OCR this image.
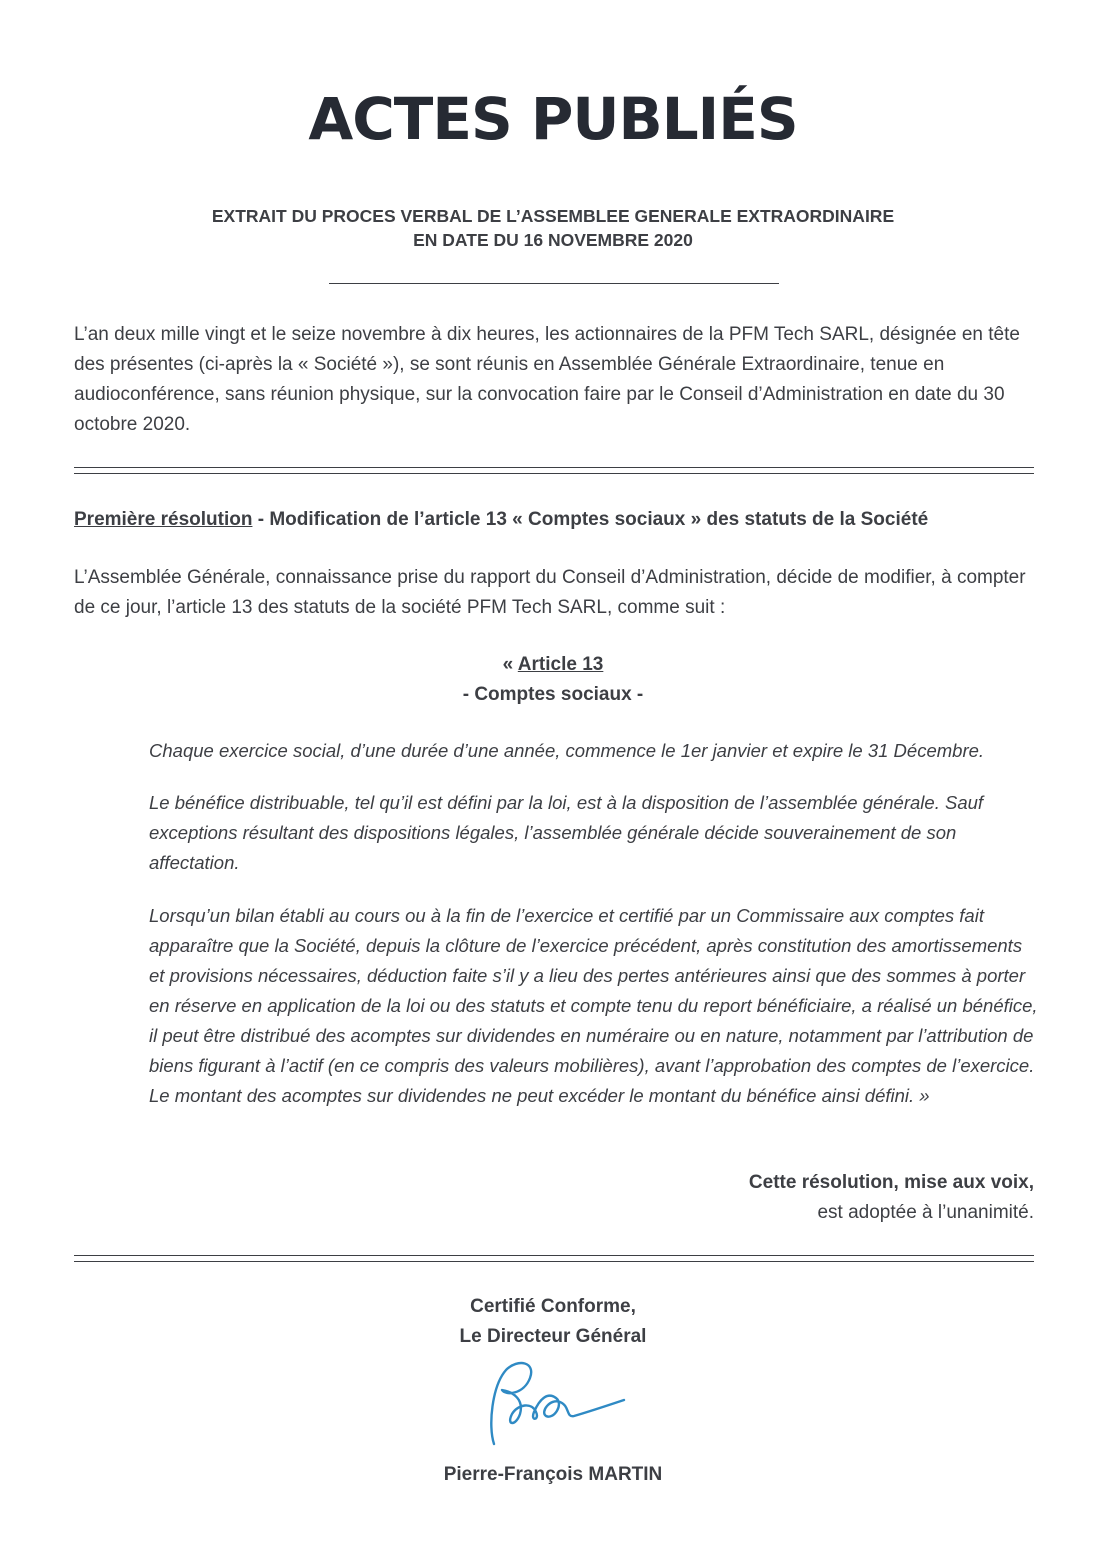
ACTES PUBLIÉS
EXTRAIT DU PROCES VERBAL DE L’ASSEMBLEE GENERALE EXTRAORDINAIRE
EN DATE DU 16 NOVEMBRE 2020

L’an deux mille vingt et le seize novembre à dix heures, les actionnaires de la PFM Tech SARL, désignée en tête des présentes (ci-après la « Société »), se sont réunis en Assemblée Générale Extraordinaire, tenue en audioconférence, sans réunion physique, sur la convocation faire par le Conseil d’Administration en date du 30 octobre 2020.

Première résolution - Modification de l’article 13 « Comptes sociaux » des statuts de la Société

L’Assemblée Générale, connaissance prise du rapport du Conseil d’Administration, décide de modifier, à compter de ce jour, l’article 13 des statuts de la société PFM Tech SARL, comme suit :

« Article 13
- Comptes sociaux -

Chaque exercice social, d’une durée d’une année, commence le 1er janvier et expire le 31 Décembre.

Le bénéfice distribuable, tel qu’il est défini par la loi, est à la disposition de l’assemblée générale. Sauf exceptions résultant des dispositions légales, l’assemblée générale décide souverainement de son affectation.

Lorsqu’un bilan établi au cours ou à la fin de l’exercice et certifié par un Commissaire aux comptes fait apparaître que la Société, depuis la clôture de l’exercice précédent, après constitution des amortissements et provisions nécessaires, déduction faite s’il y a lieu des pertes antérieures ainsi que des sommes à porter en réserve en application de la loi ou des statuts et compte tenu du report bénéficiaire, a réalisé un bénéfice, il peut être distribué des acomptes sur dividendes en numéraire ou en nature, notamment par l’attribution de biens figurant à l’actif (en ce compris des valeurs mobilières), avant l’approbation des comptes de l’exercice. Le montant des acomptes sur dividendes ne peut excéder le montant du bénéfice ainsi défini. »

Cette résolution, mise aux voix,
est adoptée à l’unanimité.
Certifié Conforme,
Le Directeur Général
Pierre-François MARTIN
